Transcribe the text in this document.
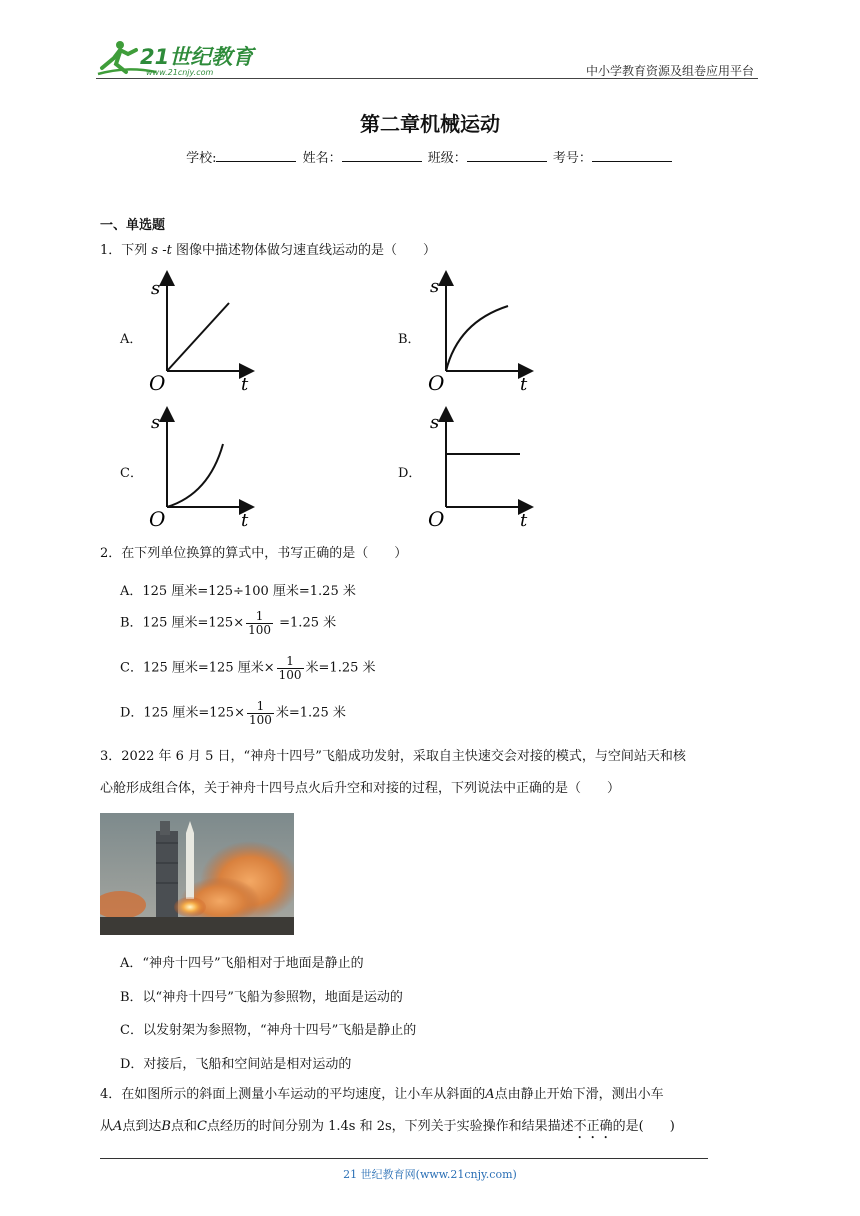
21世纪教育
www.21cnjy.com	中小学教育资源及组卷应用平台
第二章机械运动
学校:	姓名：	班级：	考号：
一、单选题
1．下列 s -t 图像中描述物体做匀速直线运动的是（　　）
A．	B．
C．	D．
s
O	t
s
O	t
s
O	t
s
O	t
2．在下列单位换算的算式中，书写正确的是（　　）
A．125 厘米=125÷100 厘米=1.25 米
B．125 厘米$=125\times \frac{1}{100} =1.25$ 米
C．125 厘米=125 厘米× $\frac{1}{100}$ 米=1.25 米
D．125 厘米$=125\times \frac{1}{100}$ 米=1.25 米
3．2022 年 6 月 5 日，“神舟十四号”飞船成功发射，采取自主快速交会对接的模式，与空间站天和核
心舱形成组合体，关于神舟十四号点火后升空和对接的过程，下列说法中正确的是（　　）
A．“神舟十四号”飞船相对于地面是静止的
B．以“神舟十四号”飞船为参照物，地面是运动的
C．以发射架为参照物，“神舟十四号”飞船是静止的
D．对接后，飞船和空间站是相对运动的
4．在如图所示的斜面上测量小车运动的平均速度，让小车从斜面的A点由静止开始下滑，测出小车
从A点到达B点和C点经历的时间分别为 1.4s 和 2s，下列关于实验操作和结果描述不正确的是(　　)
21 世纪教育网(www.21cnjy.com)
